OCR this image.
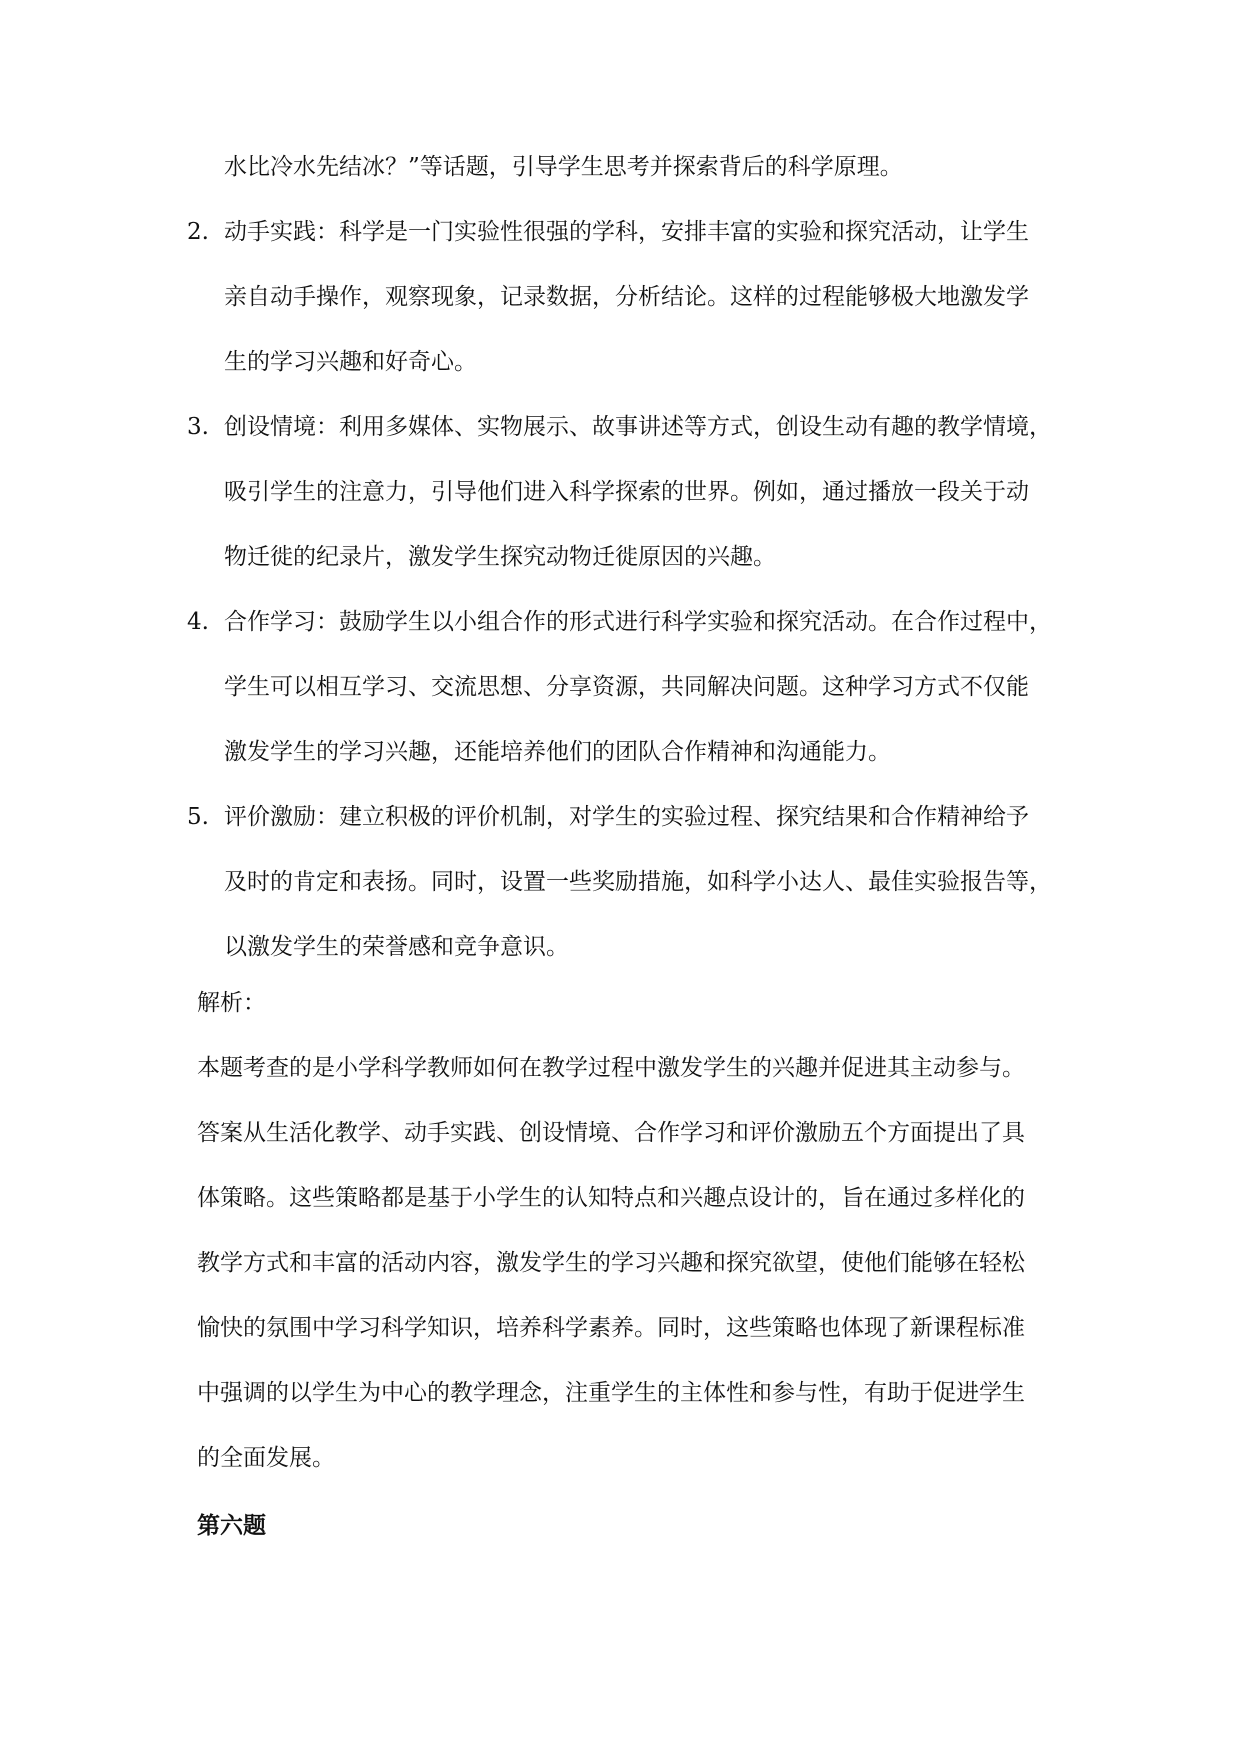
水比冷水先结冰？”等话题，引导学生思考并探索背后的科学原理。
2. 动手实践：科学是一门实验性很强的学科，安排丰富的实验和探究活动，让学生
亲自动手操作，观察现象，记录数据，分析结论。这样的过程能够极大地激发学
生的学习兴趣和好奇心。
3. 创设情境：利用多媒体、实物展示、故事讲述等方式，创设生动有趣的教学情境，
吸引学生的注意力，引导他们进入科学探索的世界。例如，通过播放一段关于动
物迁徙的纪录片，激发学生探究动物迁徙原因的兴趣。
4. 合作学习：鼓励学生以小组合作的形式进行科学实验和探究活动。在合作过程中，
学生可以相互学习、交流思想、分享资源，共同解决问题。这种学习方式不仅能
激发学生的学习兴趣，还能培养他们的团队合作精神和沟通能力。
5. 评价激励：建立积极的评价机制，对学生的实验过程、探究结果和合作精神给予
及时的肯定和表扬。同时，设置一些奖励措施，如科学小达人、最佳实验报告等，
以激发学生的荣誉感和竞争意识。
解析：
本题考查的是小学科学教师如何在教学过程中激发学生的兴趣并促进其主动参与。
答案从生活化教学、动手实践、创设情境、合作学习和评价激励五个方面提出了具
体策略。这些策略都是基于小学生的认知特点和兴趣点设计的，旨在通过多样化的
教学方式和丰富的活动内容，激发学生的学习兴趣和探究欲望，使他们能够在轻松
愉快的氛围中学习科学知识，培养科学素养。同时，这些策略也体现了新课程标准
中强调的以学生为中心的教学理念，注重学生的主体性和参与性，有助于促进学生
的全面发展。
第六题
